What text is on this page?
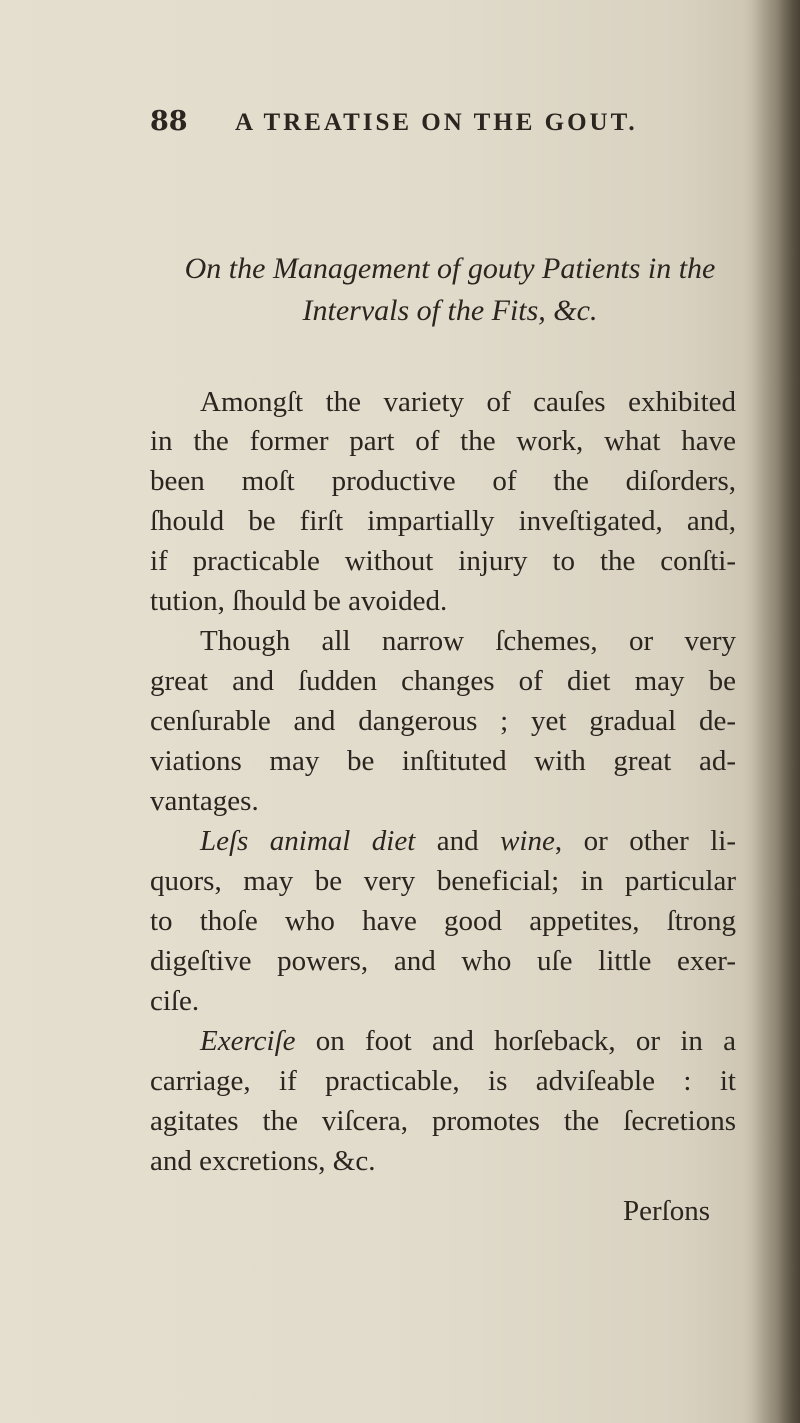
88	A TREATISE ON THE GOUT.
On the Management of gouty Patients in the
Intervals of the Fits, &c.
Amongſt the variety of cauſes exhibited
in the former part of the work, what have
been moſt productive of the diſorders,
ſhould be firſt impartially inveſtigated, and,
if practicable without injury to the conſti-
tution, ſhould be avoided.
Though all narrow ſchemes, or very
great and ſudden changes of diet may be
cenſurable and dangerous ; yet gradual de-
viations may be inſtituted with great ad-
vantages.
Leſs animal diet and wine, or other li-
quors, may be very beneficial; in particular
to thoſe who have good appetites, ſtrong
digeſtive powers, and who uſe little exer-
ciſe.
Exerciſe on foot and horſeback, or in a
carriage, if practicable, is adviſeable : it
agitates the viſcera, promotes the ſecretions
and excretions, &c.
Perſons
